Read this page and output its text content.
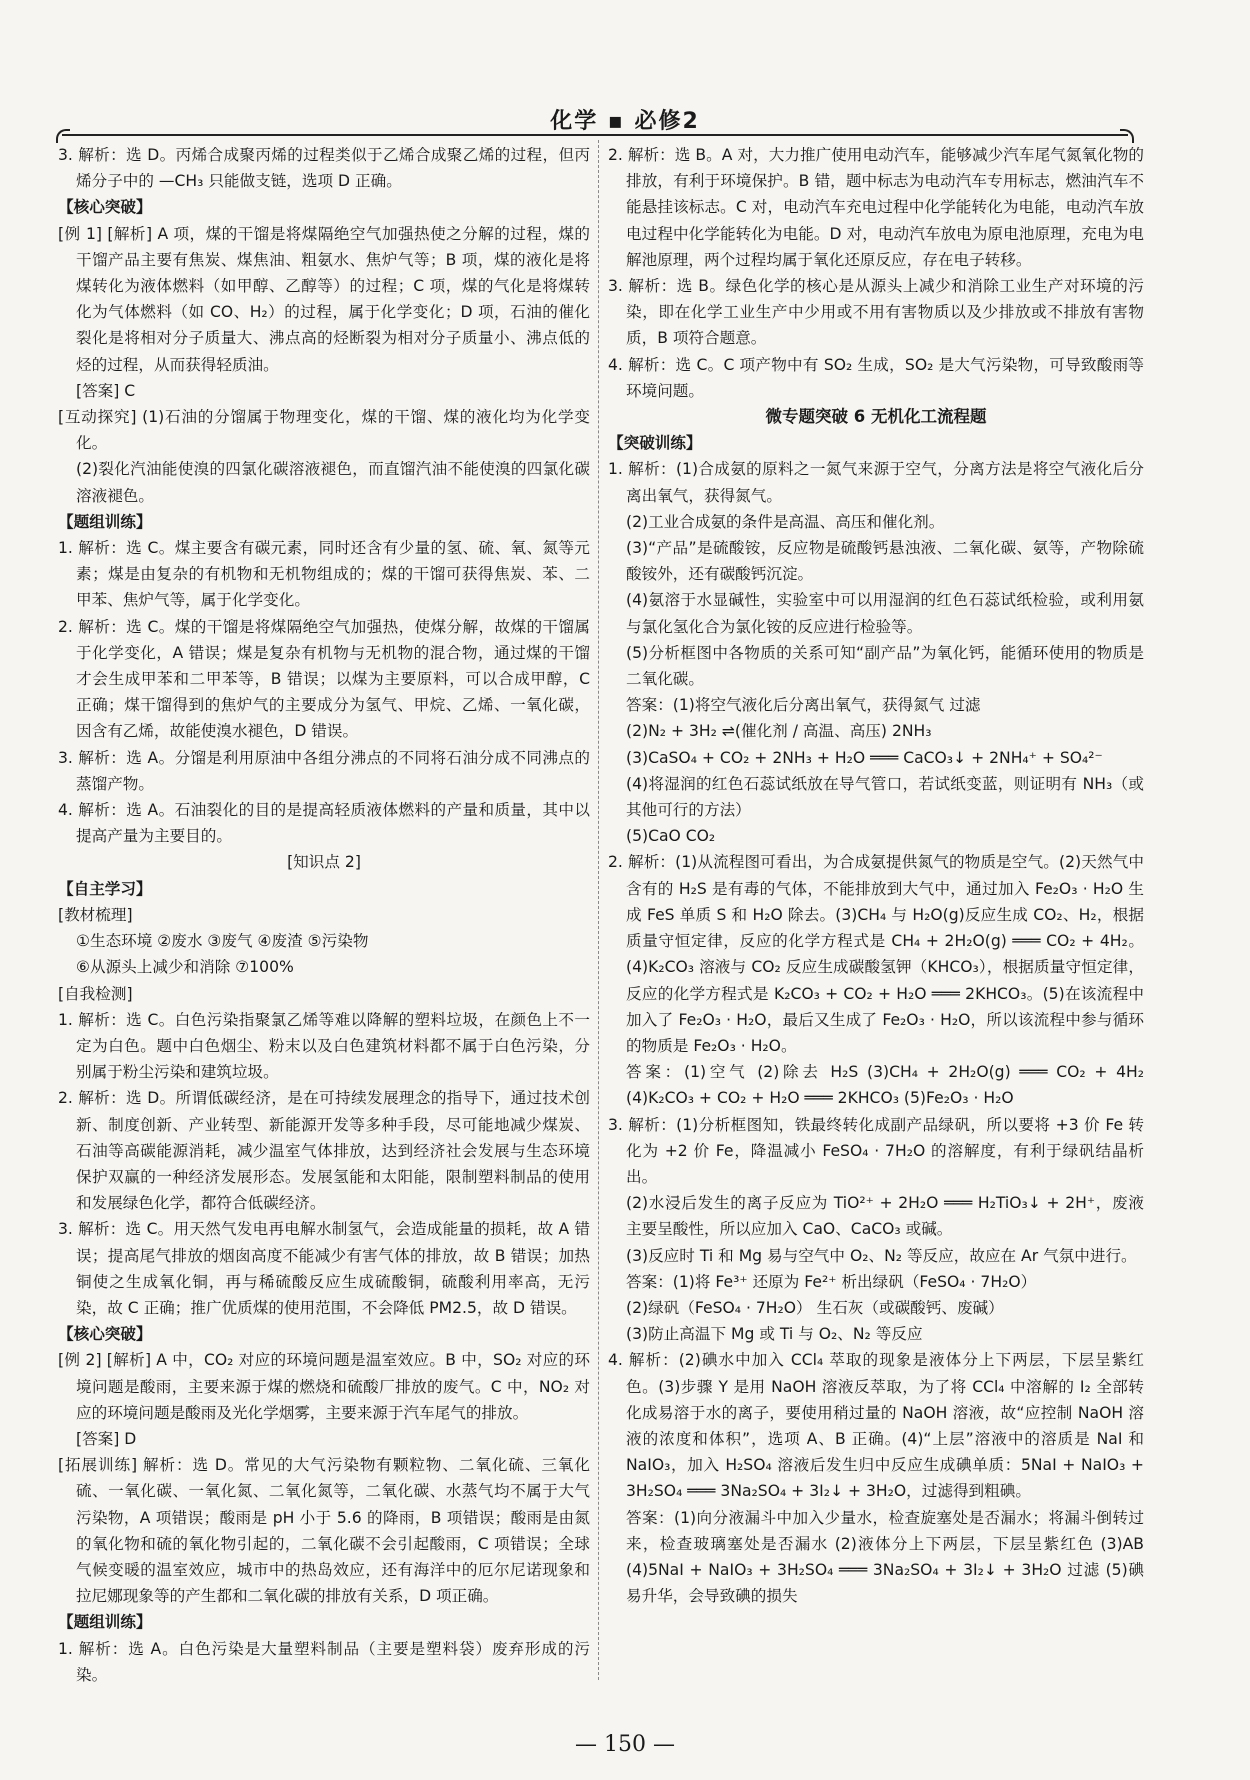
化学 ▪ 必修2

3. 解析：选 D。丙烯合成聚丙烯的过程类似于乙烯合成聚乙烯的过程，但丙烯分子中的 —CH₃ 只能做支链，选项 D 正确。

【核心突破】

[例 1] [解析] A 项，煤的干馏是将煤隔绝空气加强热使之分解的过程，煤的干馏产品主要有焦炭、煤焦油、粗氨水、焦炉气等；B 项，煤的液化是将煤转化为液体燃料（如甲醇、乙醇等）的过程；C 项，煤的气化是将煤转化为气体燃料（如 CO、H₂）的过程，属于化学变化；D 项，石油的催化裂化是将相对分子质量大、沸点高的烃断裂为相对分子质量小、沸点低的烃的过程，从而获得轻质油。

[答案] C

[互动探究] (1)石油的分馏属于物理变化，煤的干馏、煤的液化均为化学变化。

(2)裂化汽油能使溴的四氯化碳溶液褪色，而直馏汽油不能使溴的四氯化碳溶液褪色。

【题组训练】

1. 解析：选 C。煤主要含有碳元素，同时还含有少量的氢、硫、氧、氮等元素；煤是由复杂的有机物和无机物组成的；煤的干馏可获得焦炭、苯、二甲苯、焦炉气等，属于化学变化。

2. 解析：选 C。煤的干馏是将煤隔绝空气加强热，使煤分解，故煤的干馏属于化学变化，A 错误；煤是复杂有机物与无机物的混合物，通过煤的干馏才会生成甲苯和二甲苯等，B 错误；以煤为主要原料，可以合成甲醇，C 正确；煤干馏得到的焦炉气的主要成分为氢气、甲烷、乙烯、一氧化碳，因含有乙烯，故能使溴水褪色，D 错误。

3. 解析：选 A。分馏是利用原油中各组分沸点的不同将石油分成不同沸点的蒸馏产物。

4. 解析：选 A。石油裂化的目的是提高轻质液体燃料的产量和质量，其中以提高产量为主要目的。

[知识点 2]

【自主学习】

[教材梳理]

①生态环境 ②废水 ③废气 ④废渣 ⑤污染物

⑥从源头上减少和消除 ⑦100%

[自我检测]

1. 解析：选 C。白色污染指聚氯乙烯等难以降解的塑料垃圾，在颜色上不一定为白色。题中白色烟尘、粉末以及白色建筑材料都不属于白色污染，分别属于粉尘污染和建筑垃圾。

2. 解析：选 D。所谓低碳经济，是在可持续发展理念的指导下，通过技术创新、制度创新、产业转型、新能源开发等多种手段，尽可能地减少煤炭、石油等高碳能源消耗，减少温室气体排放，达到经济社会发展与生态环境保护双赢的一种经济发展形态。发展氢能和太阳能，限制塑料制品的使用和发展绿色化学，都符合低碳经济。

3. 解析：选 C。用天然气发电再电解水制氢气，会造成能量的损耗，故 A 错误；提高尾气排放的烟囱高度不能减少有害气体的排放，故 B 错误；加热铜使之生成氧化铜，再与稀硫酸反应生成硫酸铜，硫酸利用率高，无污染，故 C 正确；推广优质煤的使用范围，不会降低 PM2.5，故 D 错误。

【核心突破】

[例 2] [解析] A 中，CO₂ 对应的环境问题是温室效应。B 中，SO₂ 对应的环境问题是酸雨，主要来源于煤的燃烧和硫酸厂排放的废气。C 中，NO₂ 对应的环境问题是酸雨及光化学烟雾，主要来源于汽车尾气的排放。

[答案] D

[拓展训练] 解析：选 D。常见的大气污染物有颗粒物、二氧化硫、三氧化硫、一氧化碳、一氧化氮、二氧化氮等，二氧化碳、水蒸气均不属于大气污染物，A 项错误；酸雨是 pH 小于 5.6 的降雨，B 项错误；酸雨是由氮的氧化物和硫的氧化物引起的，二氧化碳不会引起酸雨，C 项错误；全球气候变暖的温室效应，城市中的热岛效应，还有海洋中的厄尔尼诺现象和拉尼娜现象等的产生都和二氧化碳的排放有关系，D 项正确。

【题组训练】

1. 解析：选 A。白色污染是大量塑料制品（主要是塑料袋）废弃形成的污染。

2. 解析：选 B。A 对，大力推广使用电动汽车，能够减少汽车尾气氮氧化物的排放，有利于环境保护。B 错，题中标志为电动汽车专用标志，燃油汽车不能悬挂该标志。C 对，电动汽车充电过程中化学能转化为电能，电动汽车放电过程中化学能转化为电能。D 对，电动汽车放电为原电池原理，充电为电解池原理，两个过程均属于氧化还原反应，存在电子转移。

3. 解析：选 B。绿色化学的核心是从源头上减少和消除工业生产对环境的污染，即在化学工业生产中少用或不用有害物质以及少排放或不排放有害物质，B 项符合题意。

4. 解析：选 C。C 项产物中有 SO₂ 生成，SO₂ 是大气污染物，可导致酸雨等环境问题。

微专题突破 6 无机化工流程题

【突破训练】

1. 解析：(1)合成氨的原料之一氮气来源于空气，分离方法是将空气液化后分离出氧气，获得氮气。

(2)工业合成氨的条件是高温、高压和催化剂。

(3)“产品”是硫酸铵，反应物是硫酸钙悬浊液、二氧化碳、氨等，产物除硫酸铵外，还有碳酸钙沉淀。

(4)氨溶于水显碱性，实验室中可以用湿润的红色石蕊试纸检验，或利用氨与氯化氢化合为氯化铵的反应进行检验等。

(5)分析框图中各物质的关系可知“副产品”为氧化钙，能循环使用的物质是二氧化碳。

答案：(1)将空气液化后分离出氧气，获得氮气 过滤

(2)N₂ + 3H₂ ⇌(催化剂 / 高温、高压) 2NH₃

(3)CaSO₄ + CO₂ + 2NH₃ + H₂O ═══ CaCO₃↓ + 2NH₄⁺ + SO₄²⁻

(4)将湿润的红色石蕊试纸放在导气管口，若试纸变蓝，则证明有 NH₃（或其他可行的方法）

(5)CaO CO₂

2. 解析：(1)从流程图可看出，为合成氨提供氮气的物质是空气。(2)天然气中含有的 H₂S 是有毒的气体，不能排放到大气中，通过加入 Fe₂O₃ · H₂O 生成 FeS 单质 S 和 H₂O 除去。(3)CH₄ 与 H₂O(g)反应生成 CO₂、H₂，根据质量守恒定律，反应的化学方程式是 CH₄ + 2H₂O(g) ═══ CO₂ + 4H₂。(4)K₂CO₃ 溶液与 CO₂ 反应生成碳酸氢钾（KHCO₃），根据质量守恒定律，反应的化学方程式是 K₂CO₃ + CO₂ + H₂O ═══ 2KHCO₃。(5)在该流程中加入了 Fe₂O₃ · H₂O，最后又生成了 Fe₂O₃ · H₂O，所以该流程中参与循环的物质是 Fe₂O₃ · H₂O。

答案：(1)空气 (2)除去 H₂S (3)CH₄ + 2H₂O(g) ═══ CO₂ + 4H₂ (4)K₂CO₃ + CO₂ + H₂O ═══ 2KHCO₃ (5)Fe₂O₃ · H₂O

3. 解析：(1)分析框图知，铁最终转化成副产品绿矾，所以要将 +3 价 Fe 转化为 +2 价 Fe，降温减小 FeSO₄ · 7H₂O 的溶解度，有利于绿矾结晶析出。

(2)水浸后发生的离子反应为 TiO²⁺ + 2H₂O ═══ H₂TiO₃↓ + 2H⁺，废液主要呈酸性，所以应加入 CaO、CaCO₃ 或碱。

(3)反应时 Ti 和 Mg 易与空气中 O₂、N₂ 等反应，故应在 Ar 气氛中进行。

答案：(1)将 Fe³⁺ 还原为 Fe²⁺ 析出绿矾（FeSO₄ · 7H₂O）

(2)绿矾（FeSO₄ · 7H₂O） 生石灰（或碳酸钙、废碱）

(3)防止高温下 Mg 或 Ti 与 O₂、N₂ 等反应

4. 解析：(2)碘水中加入 CCl₄ 萃取的现象是液体分上下两层，下层呈紫红色。(3)步骤 Y 是用 NaOH 溶液反萃取，为了将 CCl₄ 中溶解的 I₂ 全部转化成易溶于水的离子，要使用稍过量的 NaOH 溶液，故“应控制 NaOH 溶液的浓度和体积”，选项 A、B 正确。(4)“上层”溶液中的溶质是 NaI 和 NaIO₃，加入 H₂SO₄ 溶液后发生归中反应生成碘单质：5NaI + NaIO₃ + 3H₂SO₄ ═══ 3Na₂SO₄ + 3I₂↓ + 3H₂O，过滤得到粗碘。

答案：(1)向分液漏斗中加入少量水，检查旋塞处是否漏水；将漏斗倒转过来，检查玻璃塞处是否漏水 (2)液体分上下两层，下层呈紫红色 (3)AB (4)5NaI + NaIO₃ + 3H₂SO₄ ═══ 3Na₂SO₄ + 3I₂↓ + 3H₂O 过滤 (5)碘易升华，会导致碘的损失

— 150 —
